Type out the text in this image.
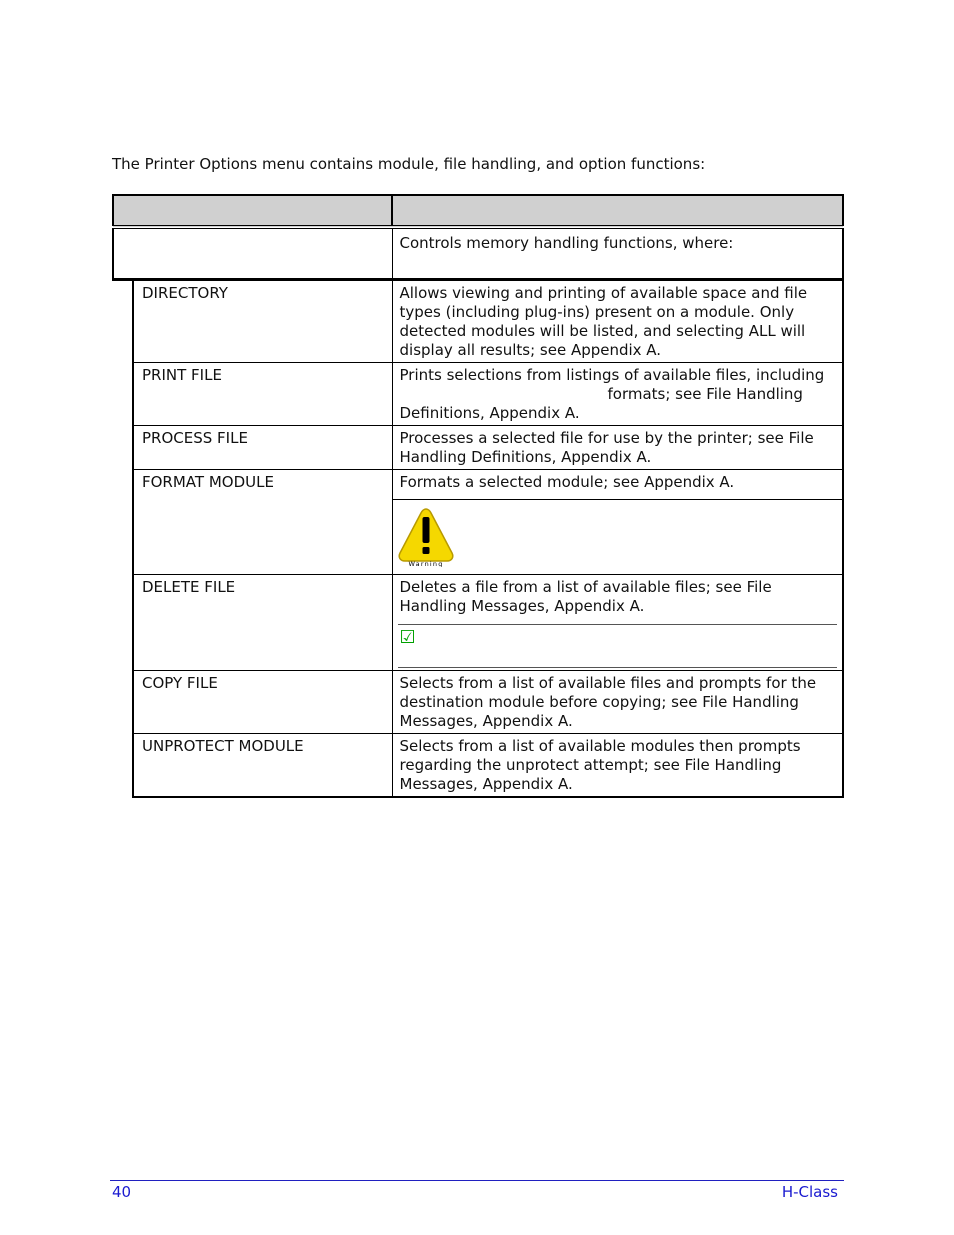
The Printer Options menu contains module, file handling, and option functions:

		Controls memory handling functions, where:
	DIRECTORY	Allows viewing and printing of available space and file types (including plug-ins) present on a module. Only detected modules will be listed, and selecting ALL will display all results; see Appendix A.
	PRINT FILE	Prints selections from listings of available files, includingformats; see File Handling Definitions, Appendix A.
	PROCESS FILE	Processes a selected file for use by the printer; see File Handling Definitions, Appendix A.
	FORMAT MODULE	Formats a selected module; see Appendix A.
Warning

	DELETE FILE	Deletes a file from a list of available files; see File Handling Messages, Appendix A.
☑

	COPY FILE	Selects from a list of available files and prompts for the destination module before copying; see File Handling Messages, Appendix A.
	UNPROTECT MODULE	Selects from a list of available modules then prompts regarding the unprotect attempt; see File Handling Messages, Appendix A.
40	H-Class
